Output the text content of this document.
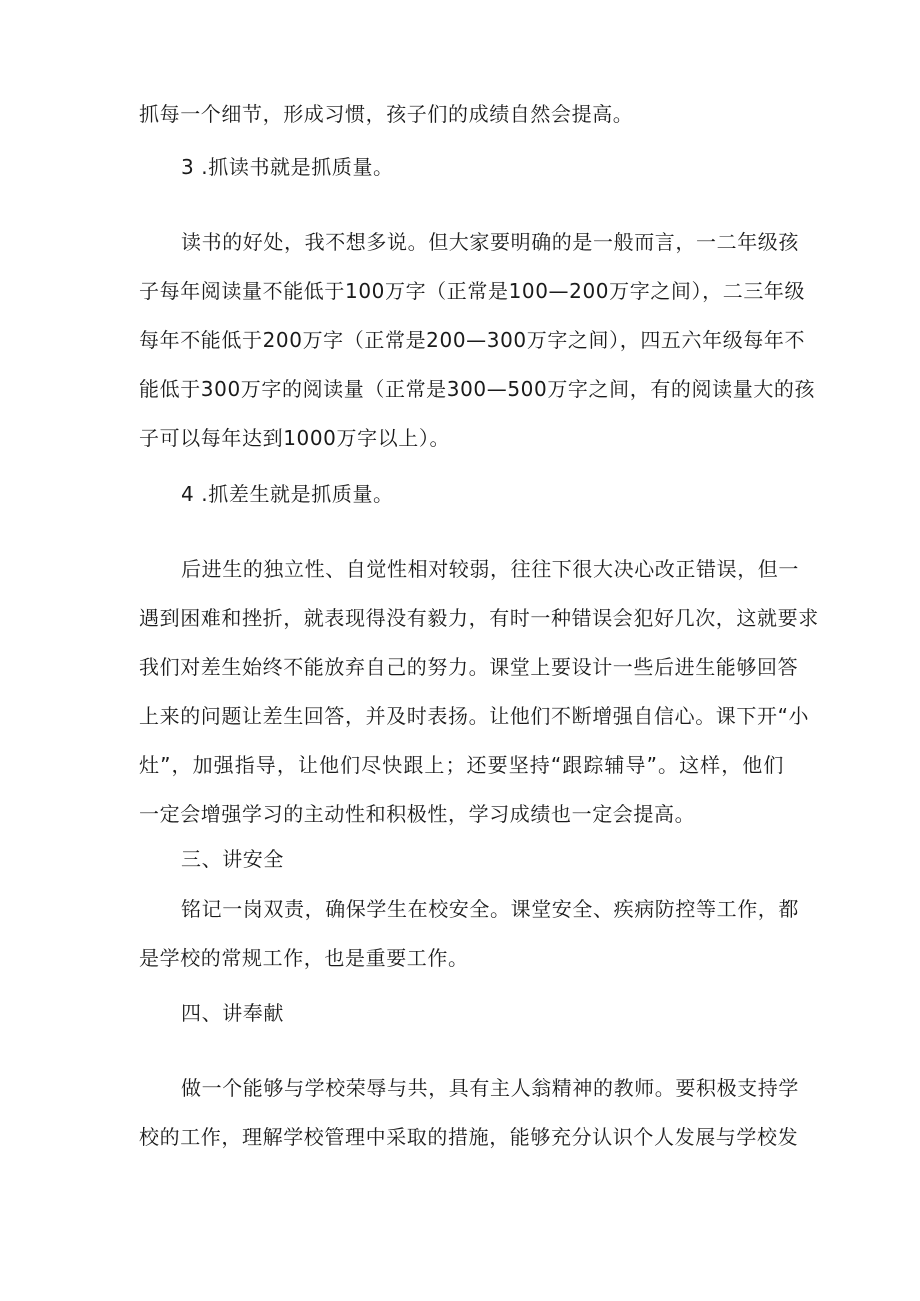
抓每一个细节，形成习惯，孩子们的成绩自然会提高。
3 .抓读书就是抓质量。
读书的好处，我不想多说。但大家要明确的是一般而言，一二年级孩
子每年阅读量不能低于100万字（正常是100—200万字之间），二三年级
每年不能低于200万字（正常是200—300万字之间），四五六年级每年不
能低于300万字的阅读量（正常是300—500万字之间，有的阅读量大的孩
子可以每年达到1000万字以上）。
4 .抓差生就是抓质量。
后进生的独立性、自觉性相对较弱，往往下很大决心改正错误，但一
遇到困难和挫折，就表现得没有毅力，有时一种错误会犯好几次，这就要求
我们对差生始终不能放弃自己的努力。课堂上要设计一些后进生能够回答
上来的问题让差生回答，并及时表扬。让他们不断增强自信心。课下开“小
灶”，加强指导，让他们尽快跟上；还要坚持“跟踪辅导”。这样，他们
一定会增强学习的主动性和积极性，学习成绩也一定会提高。
三、讲安全
铭记一岗双责，确保学生在校安全。课堂安全、疾病防控等工作，都
是学校的常规工作，也是重要工作。
四、讲奉献
做一个能够与学校荣辱与共，具有主人翁精神的教师。要积极支持学
校的工作，理解学校管理中采取的措施，能够充分认识个人发展与学校发
